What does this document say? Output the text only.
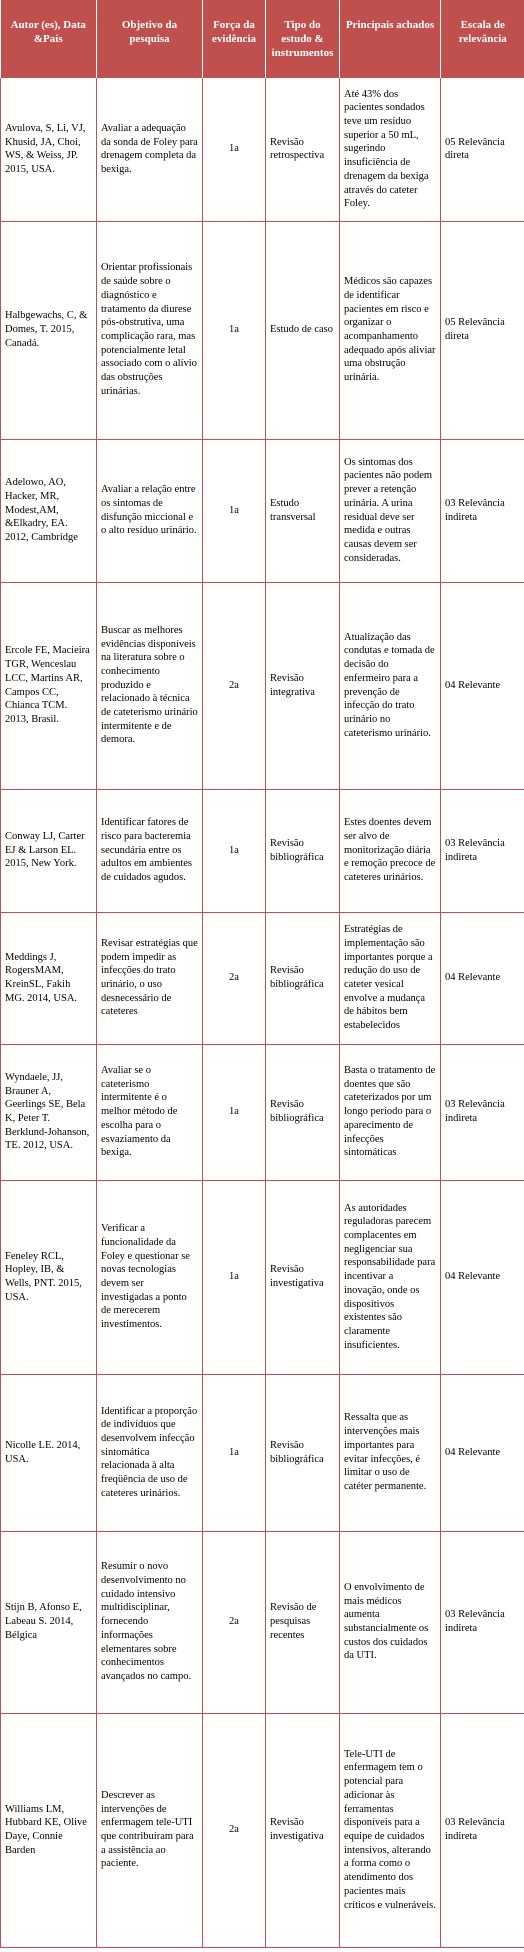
Autor (es), Data &País	Objetivo da pesquisa	Força da evidência	Tipo do estudo & instrumentos	Principais achados	Escala de relevância
Avulova, S, Li, VJ, Khusid, JA, Choi, WS, & Weiss, JP. 2015, USA.	Avaliar a adequação da sonda de Foley para drenagem completa da bexiga.	1a	Revisão retrospectiva	Até 43% dos pacientes sondados teve um resíduo superior a 50 mL, sugerindo insuficiência de drenagem da bexiga através do cateter Foley.	05 Relevância direta
Halbgewachs, C, & Domes, T. 2015, Canadá.	Orientar profissionais de saúde sobre o diagnóstico e tratamento da diurese pós-obstrutiva, uma complicação rara, mas potencialmente letal associado com o alívio das obstruções urinárias.	1a	Estudo de caso	Médicos são capazes de identificar pacientes em risco e organizar o acompanhamento adequado após aliviar uma obstrução urinária.	05 Relevância direta
Adelowo, AO, Hacker, MR, Modest,AM, &Elkadry, EA. 2012, Cambridge	Avaliar a relação entre os sintomas de disfunção miccional e o alto resíduo urinário.	1a	Estudo transversal	Os sintomas dos pacientes não podem prever a retenção urinária. A urina residual deve ser medida e outras causas devem ser consideradas.	03 Relevância indireta
Ercole FE, Macieira TGR, Wenceslau LCC, Martins AR, Campos CC, Chianca TCM. 2013, Brasil.	Buscar as melhores evidências disponíveis na literatura sobre o conhecimento produzido e relacionado à técnica de cateterismo urinário intermitente e de demora.	2a	Revisão integrativa	Atualização das condutas e tomada de decisão do enfermeiro para a prevenção de infecção do trato urinário no cateterismo urinário.	04 Relevante
Conway LJ, Carter EJ & Larson EL. 2015, New York.	Identificar fatores de risco para bacteremia secundária entre os adultos em ambientes de cuidados agudos.	1a	Revisão bibliográfica	Estes doentes devem ser alvo de monitorização diária e remoção precoce de cateteres urinários.	03 Relevância indireta
Meddings J, RogersMAM, KreinSL, Fakih MG. 2014, USA.	Revisar estratégias que podem impedir as infecções do trato urinário, o uso desnecessário de cateteres	2a	Revisão bibliográfica	Estratégias de implementação são importantes porque a redução do uso de cateter vesical envolve a mudança de hábitos bem estabelecidos	04 Relevante
Wyndaele, JJ, Brauner A, Geerlings SE, Bela K, Peter T. Berklund-Johanson, TE. 2012, USA.	Avaliar se o cateterismo intermitente é o melhor método de escolha para o esvaziamento da bexiga.	1a	Revisão bibliográfica	Basta o tratamento de doentes que são cateterizados por um longo período para o aparecimento de infecções sintomáticas	03 Relevância indireta
Feneley RCL, Hopley, IB, & Wells, PNT. 2015, USA.	Verificar a funcionalidade da Foley e questionar se novas tecnologias devem ser investigadas a ponto de merecerem investimentos.	1a	Revisão investigativa	As autoridades reguladoras parecem complacentes em negligenciar sua responsabilidade para incentivar a inovação, onde os dispositivos existentes são claramente insuficientes.	04 Relevante
Nicolle LE. 2014, USA.	Identificar a proporção de indivíduos que desenvolvem infecção sintomática relacionada à alta freqüência de uso de cateteres urinários.	1a	Revisão bibliográfica	Ressalta que as intervenções mais importantes para evitar infecções, é limitar o uso de catéter permanente.	04 Relevante
Stijn B, Afonso E, Labeau S. 2014, Bélgica	Resumir o novo desenvolvimento no cuidado intensivo multidisciplinar, fornecendo informações elementares sobre conhecimentos avançados no campo.	2a	Revisão de pesquisas recentes	O envolvimento de mais médicos aumenta substancialmente os custos dos cuidados da UTI.	03 Relevância indireta
Williams LM, Hubbard KE, Olive Daye, Connie Barden	Descrever as intervenções de enfermagem tele-UTI que contribuíram para a assistência ao paciente.	2a	Revisão investigativa	Tele-UTI de enfermagem tem o potencial para adicionar às ferramentas disponíveis para a equipe de cuidados intensivos, alterando a forma como o atendimento dos pacientes mais críticos e vulneráveis.	03 Relevância indireta
